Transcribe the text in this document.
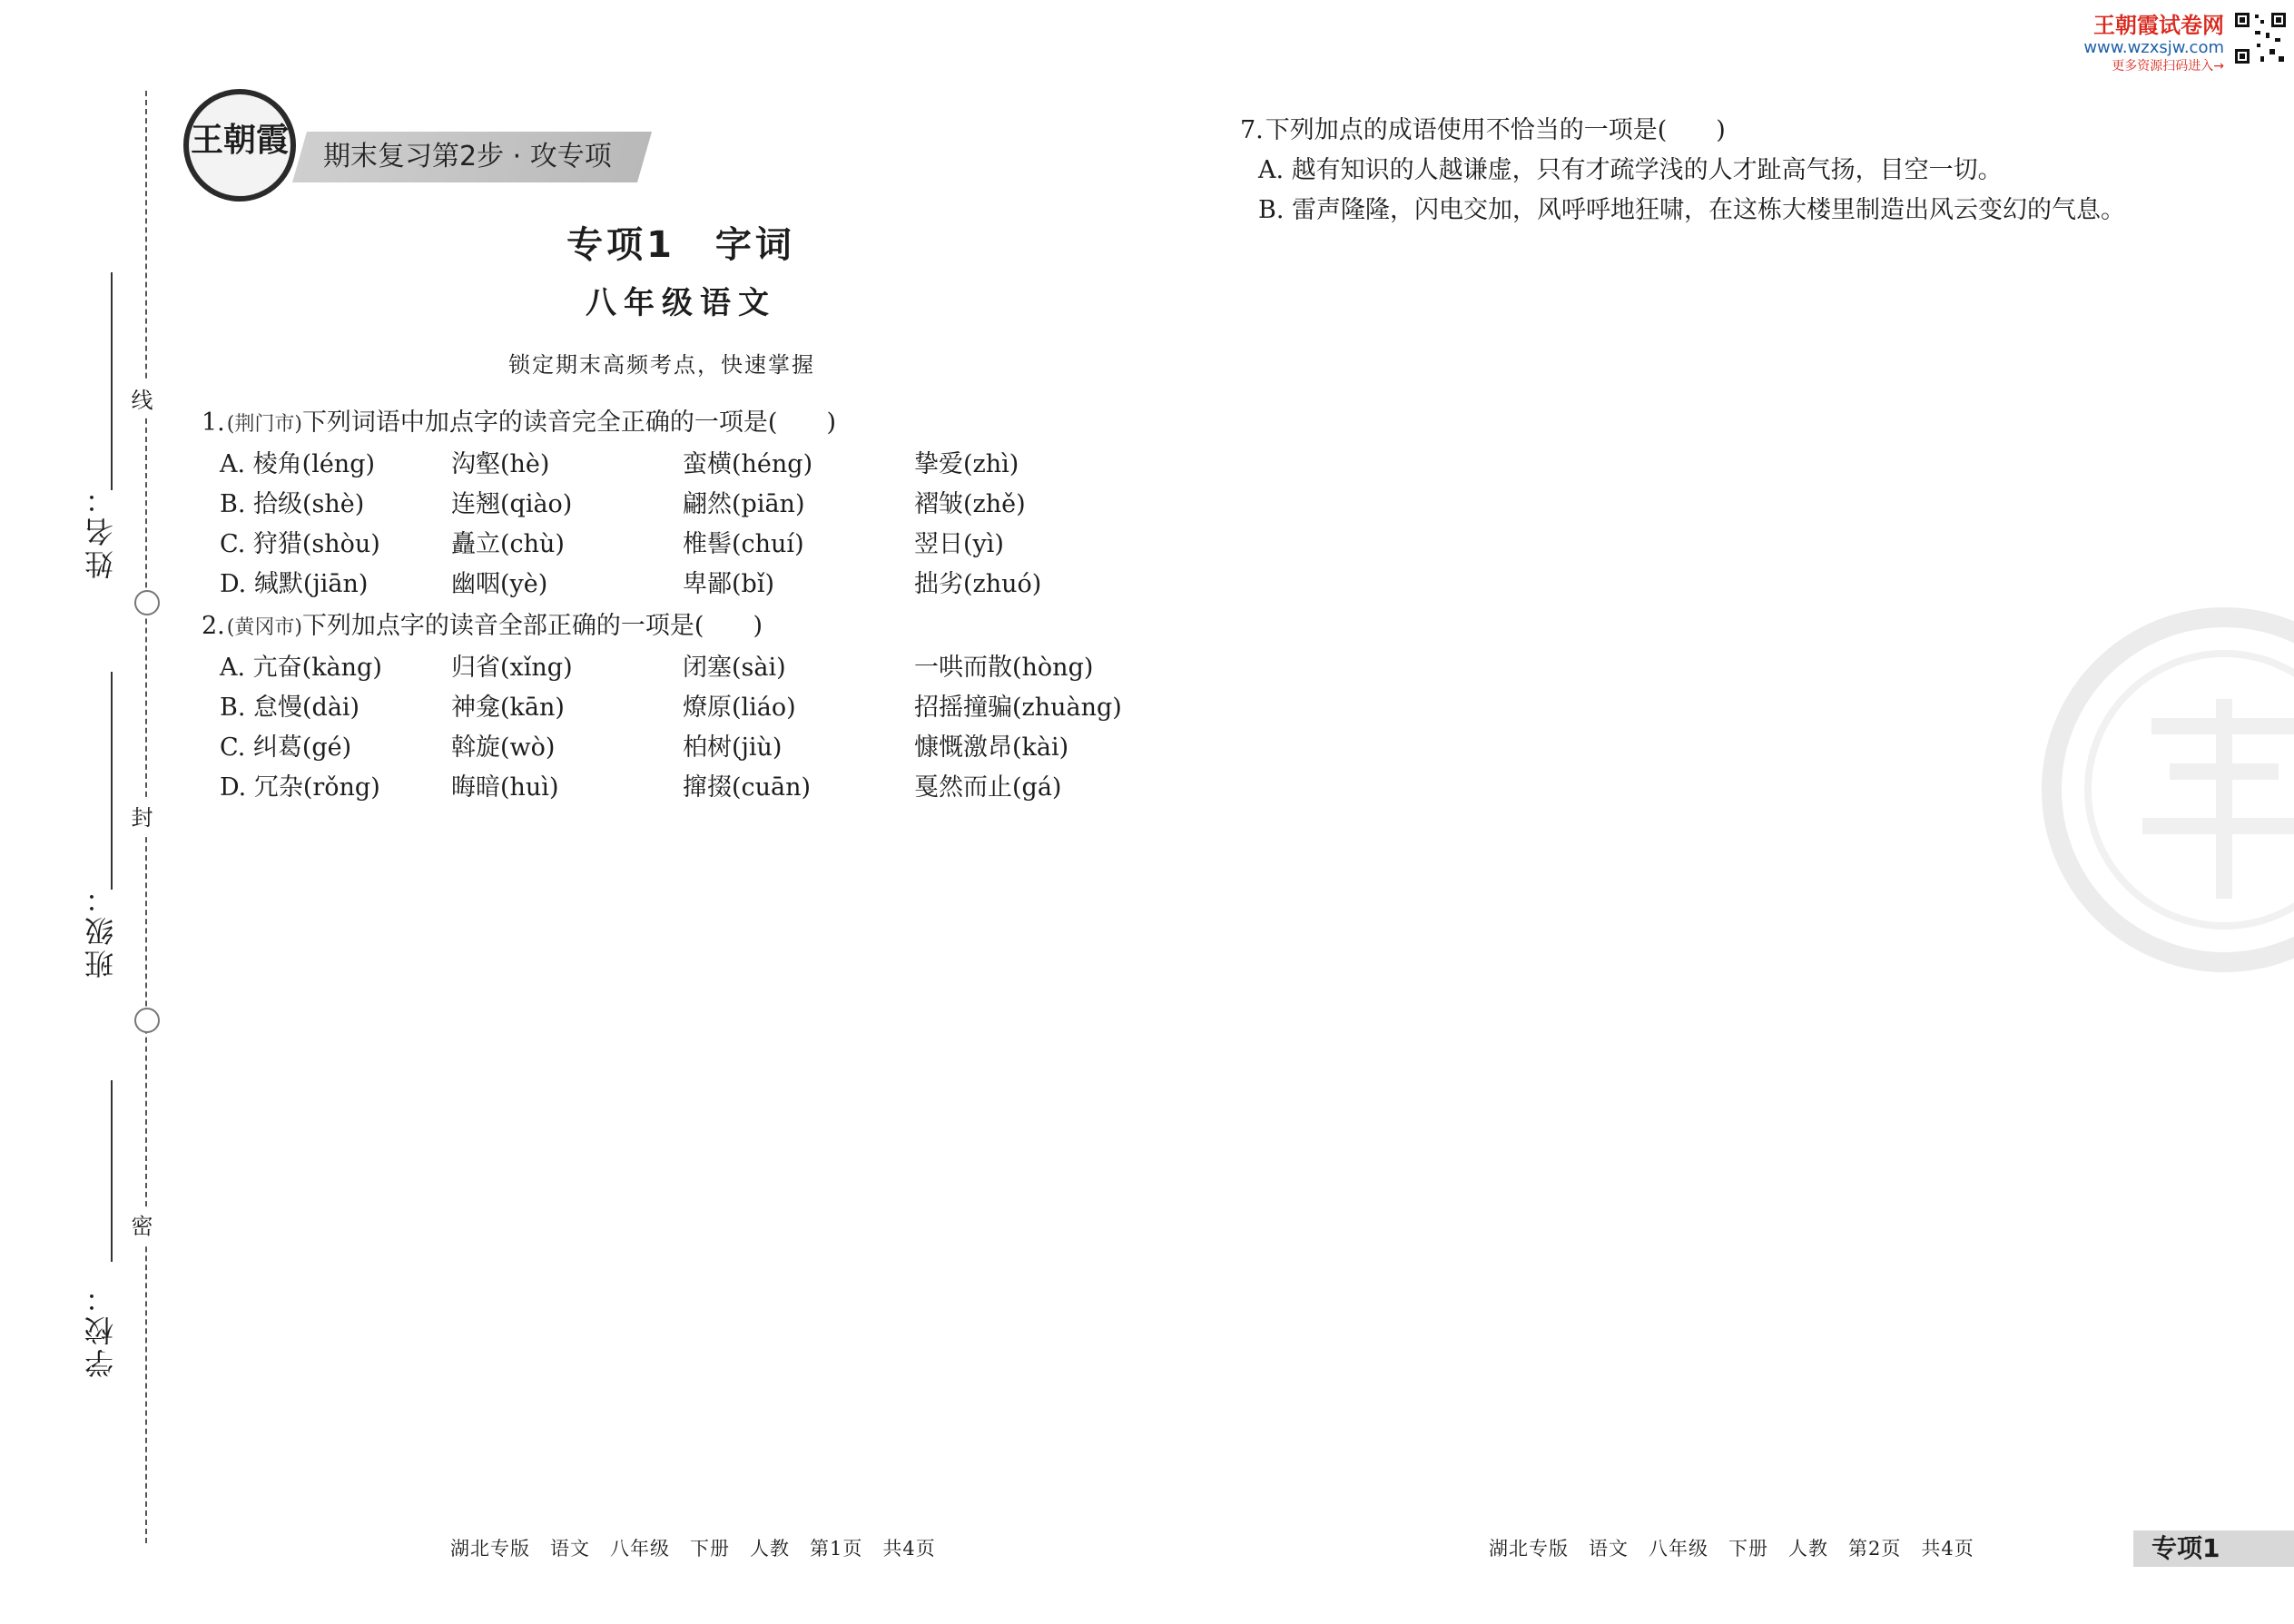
线
封
密
姓名：
班级：
学校：
王朝霞 期末复习第2步 · 攻专项
专项1　字词
八年级语文
锁定期末高频考点，快速掌握
1.(荆门市)下列词语中加点字的读音完全正确的一项是(　　)
A. 棱角(léng)	沟壑(hè)	蛮横(héng)	挚爱(zhì)
B. 拾级(shè)	连翘(qiào)	翩然(piān)	褶皱(zhě)
C. 狩猎(shòu)	矗立(chù)	椎髻(chuí)	翌日(yì)
D. 缄默(jiān)	幽咽(yè)	卑鄙(bǐ)	拙劣(zhuó)
2.(黄冈市)下列加点字的读音全部正确的一项是(　　)
A. 亢奋(kàng)	归省(xǐng)	闭塞(sài)	一哄而散(hòng)
B. 怠慢(dài)	神龛(kān)	燎原(liáo)	招摇撞骗(zhuàng)
C. 纠葛(gé)	斡旋(wò)	柏树(jiù)	慷慨激昂(kài)
D. 冗杂(rǒng)	晦暗(huì)	撺掇(cuān)	戛然而止(gá)
7.下列加点的成语使用不恰当的一项是(　　)
A. 越有知识的人越谦虚，只有才疏学浅的人才趾高气扬，目空一切。
B. 雷声隆隆，闪电交加，风呼呼地狂啸，在这栋大楼里制造出风云变幻的气息。
王朝霞试卷网
www.wzxsjw.com
更多资源扫码进入→
湖北专版　语文　八年级　下册　人教　第1页　共4页	湖北专版　语文　八年级　下册　人教　第2页　共4页	专项1
